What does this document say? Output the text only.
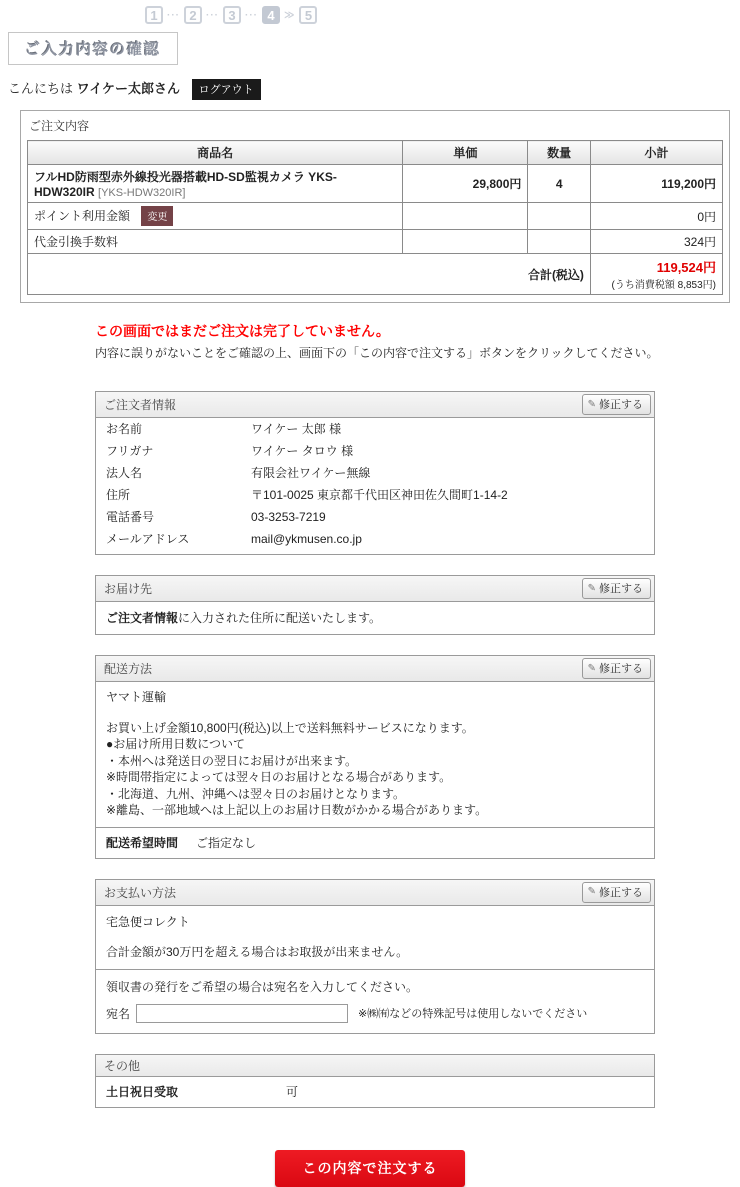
1 ··· 2 ··· 3 ··· 4 ≫ 5
ご入力内容の確認
こんにちは ワイケー太郎さん ログアウト
ご注文内容
商品名	単価	数量	小計
フルHD防雨型赤外線投光器搭載HD-SD監視カメラ YKS-HDW320IR [YKS-HDW320IR]	29,800円	4	119,200円
ポイント利用金額 変更			0円
代金引換手数料			324円
合計(税込)			119,524円
(うち消費税額 8,853円)
この画面ではまだご注文は完了していません。
内容に誤りがないことをご確認の上、画面下の「この内容で注文する」ボタンをクリックしてください。
ご注文者情報	✎ 修正する
お名前	ワイケー 太郎 様
フリガナ	ワイケー タロウ 様
法人名	有限会社ワイケー無線
住所	〒101-0025 東京都千代田区神田佐久間町1-14-2
電話番号	03-3253-7219
メールアドレス	mail@ykmusen.co.jp
お届け先	✎ 修正する
ご注文者情報に入力された住所に配送いたします。
配送方法	✎ 修正する
ヤマト運輸
お買い上げ金額10,800円(税込)以上で送料無料サービスになります。
●お届け所用日数について
・本州へは発送日の翌日にお届けが出来ます。
※時間帯指定によっては翌々日のお届けとなる場合があります。
・北海道、九州、沖縄へは翌々日のお届けとなります。
※離島、一部地域へは上記以上のお届け日数がかかる場合があります。
配送希望時間 ご指定なし
お支払い方法	✎ 修正する
宅急便コレクト
合計金額が30万円を超える場合はお取扱が出来ません。
領収書の発行をご希望の場合は宛名を入力してください。
宛名	※㈱㈲などの特殊記号は使用しないでください
その他
土日祝日受取	可
この内容で注文する
